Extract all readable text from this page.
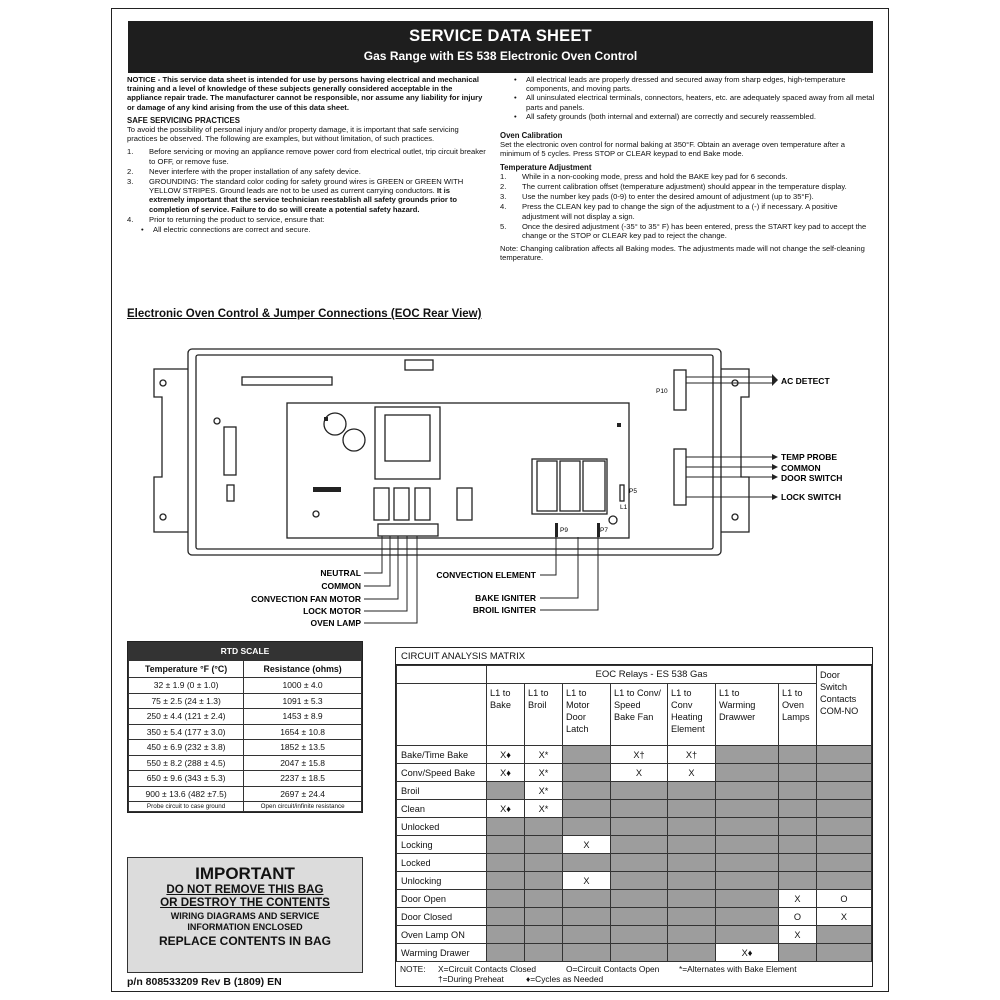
SERVICE DATA SHEET
Gas Range with ES 538 Electronic Oven Control

NOTICE - This service data sheet is intended for use by persons having electrical and mechanical training and a level of knowledge of these subjects generally considered acceptable in the appliance repair trade. The manufacturer cannot be responsible, nor assume any liability for injury or damage of any kind arising from the use of this data sheet.

SAFE SERVICING PRACTICES

To avoid the possibility of personal injury and/or property damage, it is important that safe servicing practices be observed. The following are examples, but without limitation, of such practices.

1. Before servicing or moving an appliance remove power cord from electrical outlet, trip circuit breaker to OFF, or remove fuse.
2. Never interfere with the proper installation of any safety device.
3. GROUNDING: The standard color coding for safety ground wires is GREEN or GREEN WITH YELLOW STRIPES. Ground leads are not to be used as current carrying conductors. It is extremely important that the service technician reestablish all safety grounds prior to completion of service. Failure to do so will create a potential safety hazard.
4. Prior to returning the product to service, ensure that:
• All electric connections are correct and secure.
• All electrical leads are properly dressed and secured away from sharp edges, high-temperature components, and moving parts.
• All uninsulated electrical terminals, connectors, heaters, etc. are adequately spaced away from all metal parts and panels.
• All safety grounds (both internal and external) are correctly and securely reassembled.
Oven Calibration

Set the electronic oven control for normal baking at 350°F. Obtain an average oven temperature after a minimum of 5 cycles. Press STOP or CLEAR keypad to end Bake mode.

Temperature Adjustment
1. While in a non-cooking mode, press and hold the BAKE key pad for 6 seconds.
2. The current calibration offset (temperature adjustment) should appear in the temperature display.
3. Use the number key pads (0-9) to enter the desired amount of adjustment (up to 35°F).
4. Press the CLEAN key pad to change the sign of the adjustment to a (-) if necessary. A positive adjustment will not display a sign.
5. Once the desired adjustment (-35° to 35° F) has been entered, press the START key pad to accept the change or the STOP or CLEAR key pad to reject the change.

Note: Changing calibration affects all Baking modes. The adjustments made will not change the self-cleaning temperature.

Electronic Oven Control & Jumper Connections (EOC Rear View)
P10
P5
L1
P9	P7
AC DETECT
TEMP PROBE
COMMON
DOOR SWITCH
LOCK SWITCH
NEUTRAL
COMMON
CONVECTION FAN MOTOR
LOCK MOTOR
OVEN LAMP
CONVECTION ELEMENT
BAKE IGNITER
BROIL IGNITER
RTD SCALE
Temperature °F (°C)	Resistance (ohms)
32 ± 1.9 (0 ± 1.0)	1000 ± 4.0
75 ± 2.5 (24 ± 1.3)	1091 ± 5.3
250 ± 4.4 (121 ± 2.4)	1453 ± 8.9
350 ± 5.4 (177 ± 3.0)	1654 ± 10.8
450 ± 6.9 (232 ± 3.8)	1852 ± 13.5
550 ± 8.2 (288 ± 4.5)	2047 ± 15.8
650 ± 9.6 (343 ± 5.3)	2237 ± 18.5
900 ± 13.6 (482 ±7.5)	2697 ± 24.4
Probe circuit to case ground	Open circuit/infinite resistance
IMPORTANT
DO NOT REMOVE THIS BAG
OR DESTROY THE CONTENTS
WIRING DIAGRAMS AND SERVICE
INFORMATION ENCLOSED
REPLACE CONTENTS IN BAG
p/n 808533209 Rev B (1809) EN
CIRCUIT ANALYSIS MATRIX
	EOC Relays - ES 538 Gas							Door Switch Contacts COM-NO
	L1 to Bake	L1 to Broil	L1 to Motor Door Latch	L1 to Conv/ Speed Bake Fan	L1 to Conv Heating Element	L1 to Warming Drawwer	L1 to Oven Lamps	
Bake/Time Bake	X♦	X*		X†	X†			
Conv/Speed Bake	X♦	X*		X	X			
Broil		X*						
Clean	X♦	X*						
Unlocked								
Locking			X					
Locked								
Unlocking			X					
Door Open							X	O
Door Closed							O	X
Oven Lamp ON							X	
Warming Drawer						X♦		
NOTE: X=Circuit Contacts Closed	O=Circuit Contacts Open *=Alternates with Bake Element
†=During Preheat	♦=Cycles as Needed
